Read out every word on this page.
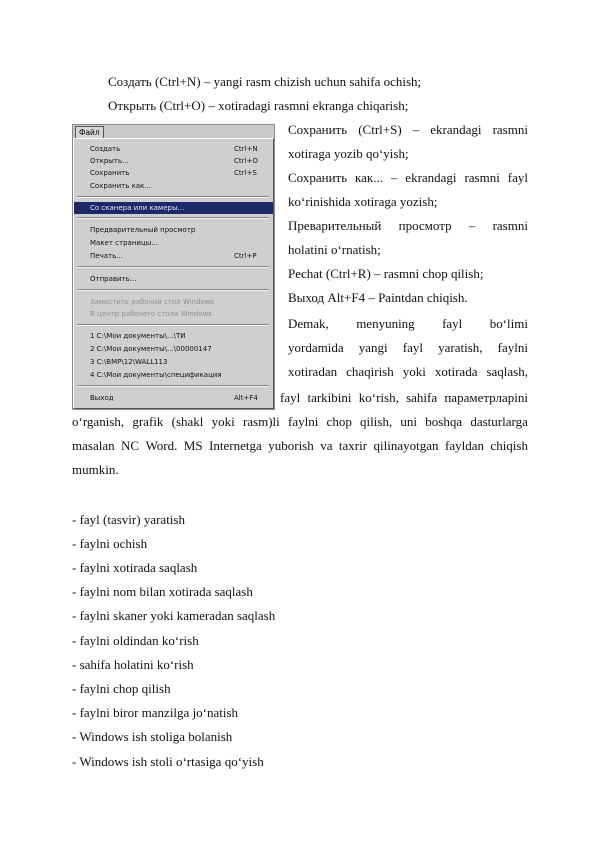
Создать (Ctrl+N) – yangi rasm chizish uchun sahifa ochish;
Открыть (Ctrl+O) – xotiradagi rasmni ekranga chiqarish;
Сохранить (Ctrl+S) – ekrandagi rasmni
xotiraga yozib qo‘yish;
Сохранить как... – ekrandagi rasmni fayl
ko‘rinishida xotiraga yozish;
Преварительный просмотр – rasmni
holatini o‘rnatish;
Pechat (Ctrl+R) – rasmni chop qilish;
Выход Alt+F4 – Paintdan chiqish.
Demak, menyuning fayl bo‘limi
yordamida yangi fayl yaratish, faylni
xotiradan chaqirish yoki xotirada saqlash,
fayl tarkibini ko‘rish, sahifa параметрларini
o‘rganish, grafik (shakl yoki rasm)li faylni chop qilish, uni boshqa dasturlarga
masalan NC Word. MS Internetga yuborish va taxrir qilinayotgan fayldan chiqish
mumkin.
Файл
Создать	Ctrl+N
Открыть...	Ctrl+O
Сохранить	Ctrl+S
Сохранить как...
Со сканера или камеры...
Предварительный просмотр
Макет страницы...
Печать...	Ctrl+P
Отправить...
Замостить рабочий стол Windows
В центр рабочего стола Windows
1 C:\Мои документы\...\ТИ
2 C:\Мои документы\...\00000147
3 C:\BMP\12\WALL113
4 C:\Мои документы\спецификация
Выход	Alt+F4
- fayl (tasvir) yaratish
- faylni ochish
- faylni xotirada saqlash
- faylni nom bilan xotirada saqlash
- faylni skaner yoki kameradan saqlash
- faylni oldindan ko‘rish
- sahifa holatini ko‘rish
- faylni chop qilish
- faylni biror manzilga jo‘natish
- Windows ish stoliga bolanish
- Windows ish stoli o‘rtasiga qo‘yish
